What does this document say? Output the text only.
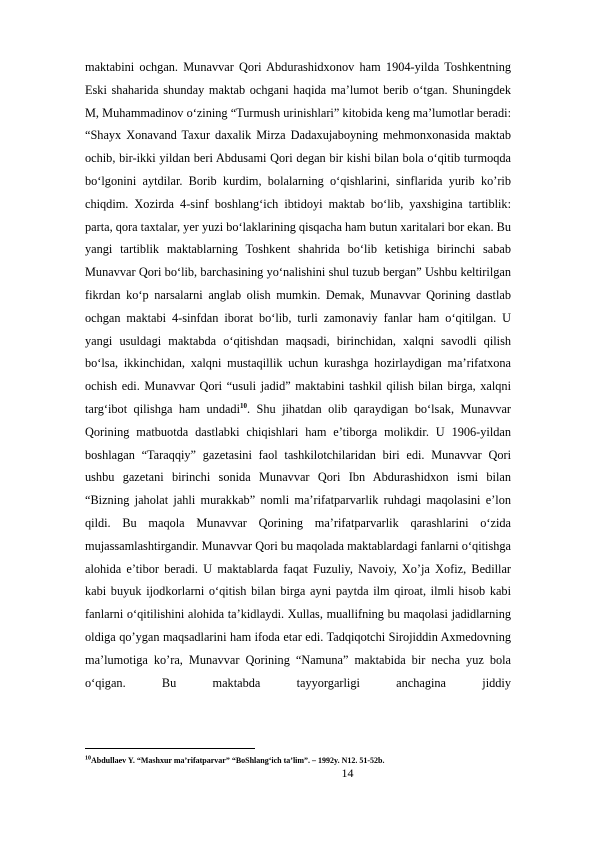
maktabini ochgan. Munavvar Qori Abdurashidxonov ham 1904-yilda Toshkentning Eski shaharida shunday maktab ochgani haqida ma’lumot berib o‘tgan. Shuningdek M, Muhammadinov o‘zining “Turmush urinishlari” kitobida keng ma’lumotlar beradi: “Shayx Xonavand Taxur daxalik Mirza Dadaxujaboyning mehmonxonasida maktab ochib, bir-ikki yildan beri Abdusami Qori degan bir kishi bilan bola o‘qitib turmoqda bo‘lgonini aytdilar. Borib kurdim, bolalarning o‘qishlarini, sinflarida yurib ko’rib chiqdim. Xozirda 4-sinf boshlang‘ich ibtidoyi maktab bo‘lib, yaxshigina tartiblik: parta, qora taxtalar, yer yuzi bo‘laklarining qisqacha ham butun xaritalari bor ekan. Bu yangi tartiblik maktablarning Toshkent shahrida bo‘lib ketishiga birinchi sabab Munavvar Qori bo‘lib, barchasining yo‘nalishini shul tuzub bergan” Ushbu keltirilgan fikrdan ko‘p narsalarni anglab olish mumkin. Demak, Munavvar Qorining dastlab ochgan maktabi 4-sinfdan iborat bo‘lib, turli zamonaviy fanlar ham o‘qitilgan. U yangi usuldagi maktabda o‘qitishdan maqsadi, birinchidan, xalqni savodli qilish bo‘lsa, ikkinchidan, xalqni mustaqillik uchun kurashga hozirlaydigan ma’rifatxona ochish edi. Munavvar Qori “usuli jadid” maktabini tashkil qilish bilan birga, xalqni targ‘ibot qilishga ham undadi$^{10}$. Shu jihatdan olib qaraydigan bo‘lsak, Munavvar Qorining matbuotda dastlabki chiqishlari ham e’tiborga molikdir. U 1906-yildan boshlagan “Taraqqiy” gazetasini faol tashkilotchilaridan biri edi. Munavvar Qori ushbu gazetani birinchi sonida Munavvar Qori Ibn Abdurashidxon ismi bilan “Bizning jaholat jahli murakkab” nomli ma’rifatparvarlik ruhdagi maqolasini e’lon qildi. Bu maqola Munavvar Qorining ma’rifatparvarlik qarashlarini o‘zida mujassamlashtirgandir. Munavvar Qori bu maqolada maktablardagi fanlarni o‘qitishga alohida e’tibor beradi. U maktablarda faqat Fuzuliy, Navoiy, Xo’ja Xofiz, Bedillar kabi buyuk ijodkorlarni o‘qitish bilan birga ayni paytda ilm qiroat, ilmli hisob kabi fanlarni o‘qitilishini alohida ta’kidlaydi. Xullas, muallifning bu maqolasi jadidlarning oldiga qo’ygan maqsadlarini ham ifoda etar edi. Tadqiqotchi Sirojiddin Axmedovning ma’lumotiga ko’ra, Munavvar Qorining “Namuna” maktabida bir necha yuz bola o‘qigan. Bu maktabda tayyorgarligi anchagina jiddiy

$^{10}$Abdullaev Y. “Mashxur ma’rifatparvar” “BoShlang‘ich ta’lim”. – 1992y. N12. 51-52b.
14
